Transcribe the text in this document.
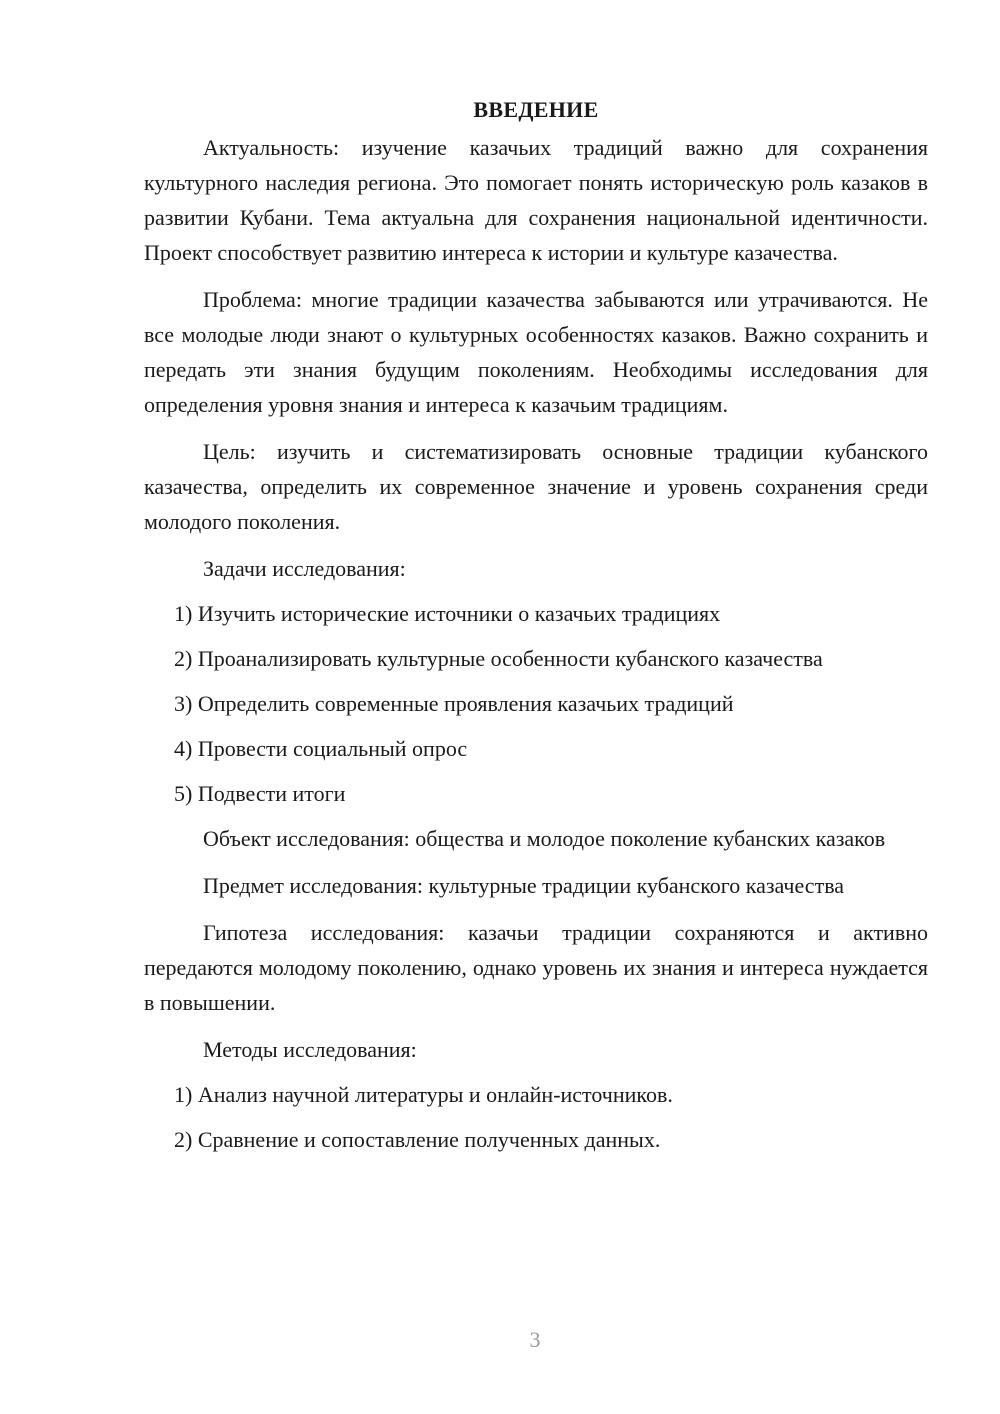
ВВЕДЕНИЕ

Актуальность: изучение казачьих традиций важно для сохранения культурного наследия региона. Это помогает понять историческую роль казаков в развитии Кубани. Тема актуальна для сохранения национальной идентичности. Проект способствует развитию интереса к истории и культуре казачества.

Проблема: многие традиции казачества забываются или утрачиваются. Не все молодые люди знают о культурных особенностях казаков. Важно сохранить и передать эти знания будущим поколениям. Необходимы исследования для определения уровня знания и интереса к казачьим традициям.

Цель: изучить и систематизировать основные традиции кубанского казачества, определить их современное значение и уровень сохранения среди молодого поколения.

Задачи исследования:
1) Изучить исторические источники о казачьих традициях
2) Проанализировать культурные особенности кубанского казачества
3) Определить современные проявления казачьих традиций
4) Провести социальный опрос
5) Подвести итоги

Объект исследования: общества и молодое поколение кубанских казаков

Предмет исследования: культурные традиции кубанского казачества

Гипотеза исследования: казачьи традиции сохраняются и активно передаются молодому поколению, однако уровень их знания и интереса нуждается в повышении.

Методы исследования:
1) Анализ научной литературы и онлайн-источников.
2) Сравнение и сопоставление полученных данных.
3
